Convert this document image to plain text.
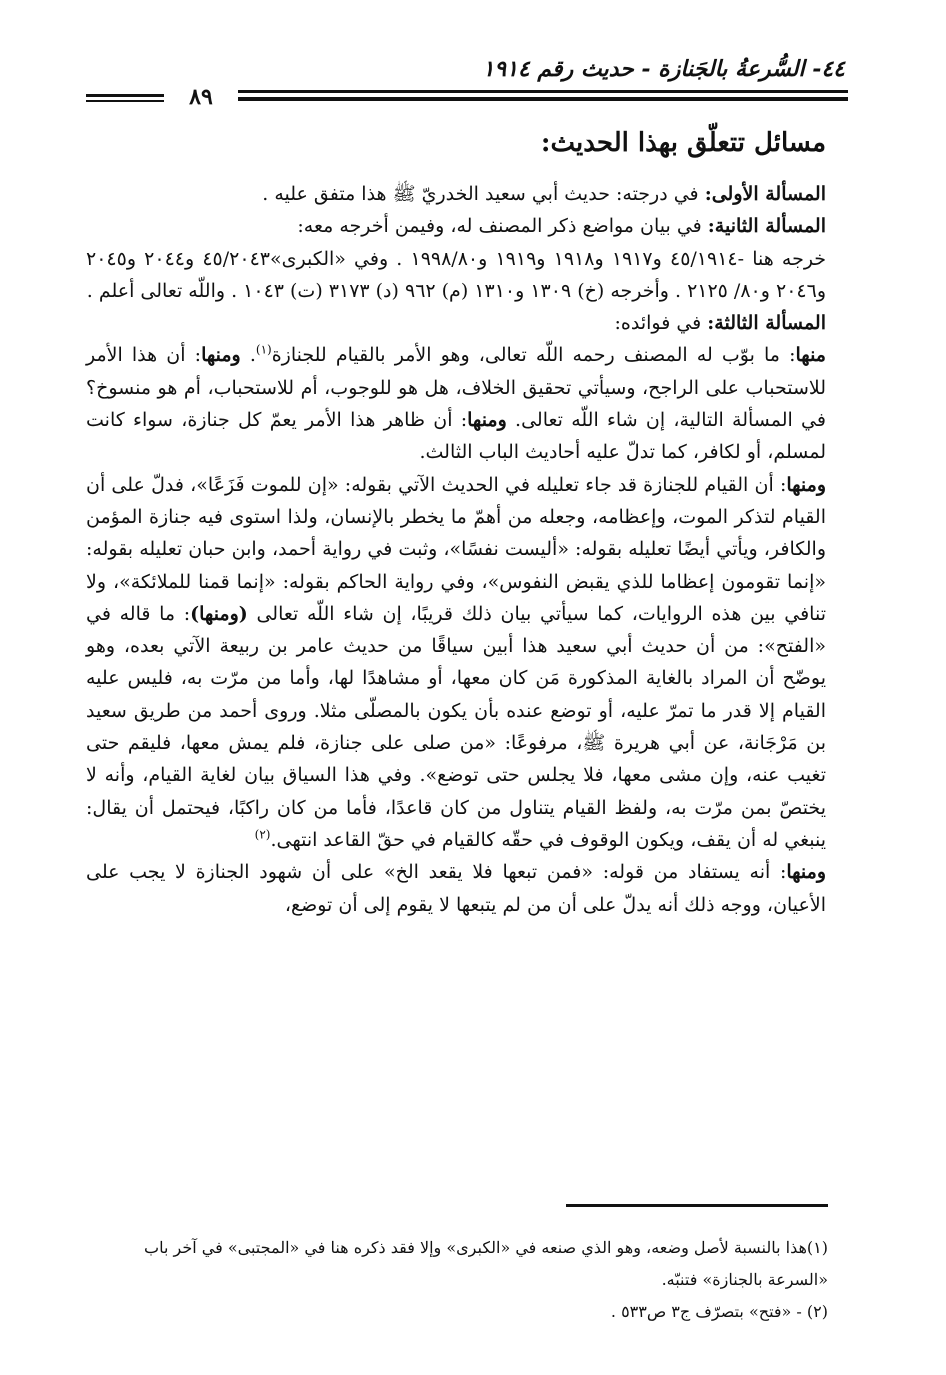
٤٤- السُّرعةُ بالجَنازة - حديث رقم ١٩١٤
٨٩
مسائل تتعلّق بهذا الحديث:

المسألة الأولى: في درجته: حديث أبي سعيد الخدريّ ﷺ هذا متفق عليه .

المسألة الثانية: في بيان مواضع ذكر المصنف له، وفيمن أخرجه معه:

خرجه هنا -٤٥/١٩١٤ و١٩١٧ و١٩١٨ و١٩١٩ و١٩٩٨/٨٠ . وفي «الكبرى»٤٥/٢٠٤٣ و٢٠٤٤ و٢٠٤٥ و٢٠٤٦ و٨٠/ ٢١٢٥ . وأخرجه (خ) ١٣٠٩ و١٣١٠ (م) ٩٦٢ (د) ٣١٧٣ (ت) ١٠٤٣ . واللّه تعالى أعلم .

المسألة الثالثة: في فوائده:

منها: ما بوّب له المصنف رحمه اللّه تعالى، وهو الأمر بالقيام للجنازة$^{(١)}$. ومنها: أن هذا الأمر للاستحباب على الراجح، وسيأتي تحقيق الخلاف، هل هو للوجوب، أم للاستحباب، أم هو منسوخ؟ في المسألة التالية، إن شاء اللّه تعالى. ومنها: أن ظاهر هذا الأمر يعمّ كل جنازة، سواء كانت لمسلم، أو لكافر، كما تدلّ عليه أحاديث الباب الثالث.

ومنها: أن القيام للجنازة قد جاء تعليله في الحديث الآتي بقوله: «إن للموت فَزَعًا»، فدلّ على أن القيام لتذكر الموت، وإعظامه، وجعله من أهمّ ما يخطر بالإنسان، ولذا استوى فيه جنازة المؤمن والكافر، ويأتي أيضًا تعليله بقوله: «أليست نفسًا»، وثبت في رواية أحمد، وابن حبان تعليله بقوله: «إنما تقومون إعظاما للذي يقبض النفوس»، وفي رواية الحاكم بقوله: «إنما قمنا للملائكة»، ولا تنافي بين هذه الروايات، كما سيأتي بيان ذلك قريبًا، إن شاء اللّه تعالى (ومنها): ما قاله في «الفتح»: من أن حديث أبي سعيد هذا أبين سياقًا من حديث عامر بن ربيعة الآتي بعده، وهو يوضّح أن المراد بالغاية المذكورة مَن كان معها، أو مشاهدًا لها، وأما من مرّت به، فليس عليه القيام إلا قدر ما تمرّ عليه، أو توضع عنده بأن يكون بالمصلّى مثلا. وروى أحمد من طريق سعيد بن مَرْجَانة، عن أبي هريرة ﷺ، مرفوعًا: «من صلى على جنازة، فلم يمش معها، فليقم حتى تغيب عنه، وإن مشى معها، فلا يجلس حتى توضع». وفي هذا السياق بيان لغاية القيام، وأنه لا يختصّ بمن مرّت به، ولفظ القيام يتناول من كان قاعدًا، فأما من كان راكبًا، فيحتمل أن يقال: ينبغي له أن يقف، ويكون الوقوف في حقّه كالقيام في حقّ القاعد انتهى.$^{(٢)}$

ومنها: أنه يستفاد من قوله: «فمن تبعها فلا يقعد الخ» على أن شهود الجنازة لا يجب على الأعيان، ووجه ذلك أنه يدلّ على أن من لم يتبعها لا يقوم إلى أن توضع،

(١)هذا بالنسبة لأصل وضعه، وهو الذي صنعه في «الكبرى» وإلا فقد ذكره هنا في «المجتبى» في آخر باب «السرعة بالجنازة» فتنبّه.

(٢) - «فتح» بتصرّف ج٣ ص٥٣٣ .
